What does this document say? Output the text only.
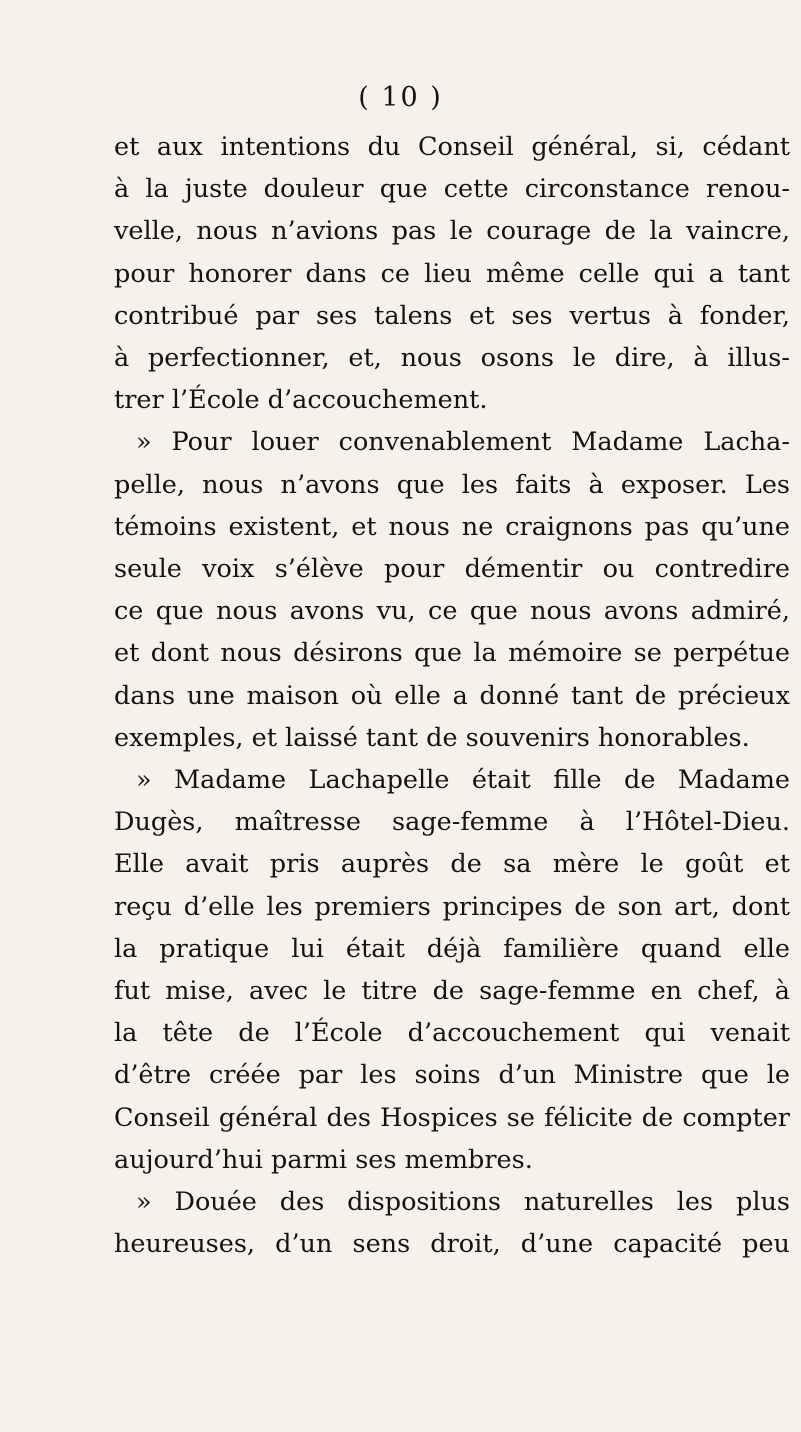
( 10 )
et aux intentions du Conseil général, si, cédant
à la juste douleur que cette circonstance renou-
velle, nous n’avions pas le courage de la vaincre,
pour honorer dans ce lieu même celle qui a tant
contribué par ses talens et ses vertus à fonder,
à perfectionner, et, nous osons le dire, à illus-
trer l’École d’accouchement.
» Pour louer convenablement Madame Lacha-
pelle, nous n’avons que les faits à exposer. Les
témoins existent, et nous ne craignons pas qu’une
seule voix s’élève pour démentir ou contredire
ce que nous avons vu, ce que nous avons admiré,
et dont nous désirons que la mémoire se perpétue
dans une maison où elle a donné tant de précieux
exemples, et laissé tant de souvenirs honorables.
» Madame Lachapelle était fille de Madame
Dugès, maîtresse sage-femme à l’Hôtel-Dieu.
Elle avait pris auprès de sa mère le goût et
reçu d’elle les premiers principes de son art, dont
la pratique lui était déjà familière quand elle
fut mise, avec le titre de sage-femme en chef, à
la tête de l’École d’accouchement qui venait
d’être créée par les soins d’un Ministre que le
Conseil général des Hospices se félicite de compter
aujourd’hui parmi ses membres.
» Douée des dispositions naturelles les plus
heureuses, d’un sens droit, d’une capacité peu
